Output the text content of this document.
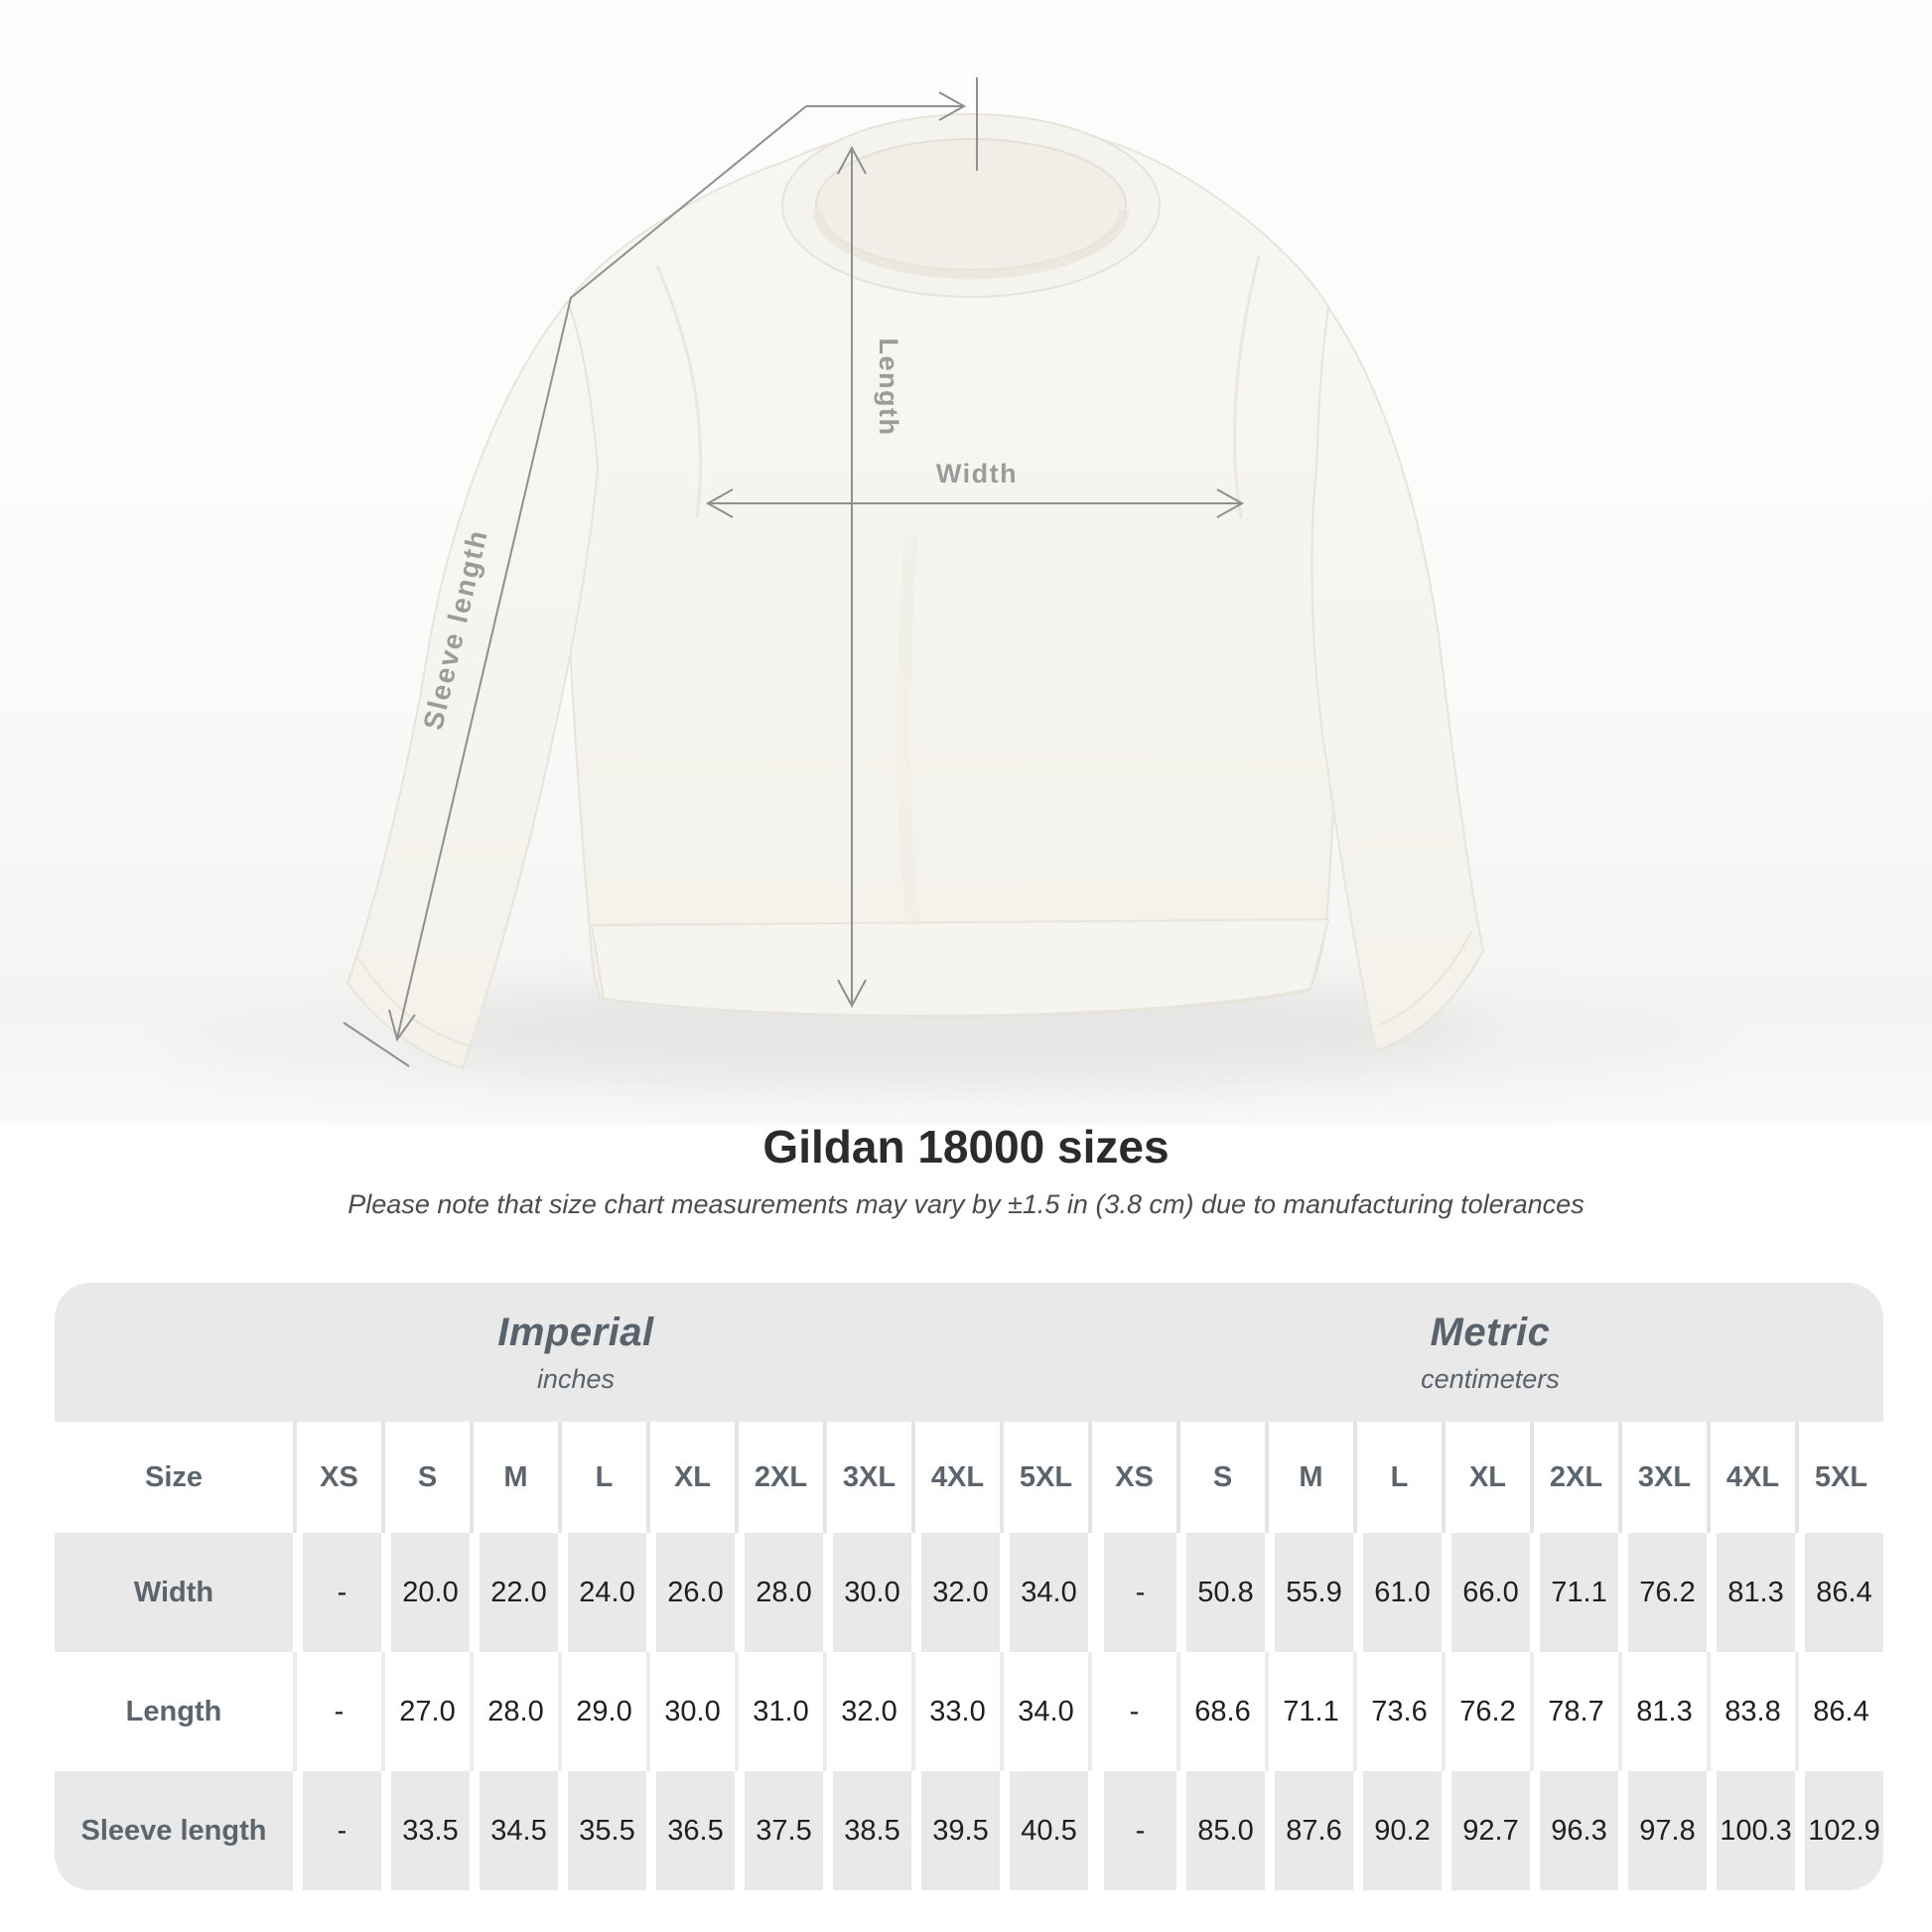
Width
Length
Sleeve length
Gildan 18000 sizes

Please note that size chart measurements may vary by ±1.5 in (3.8 cm) due to manufacturing tolerances

Imperial
inches
Metric
centimeters
Size	XS	S	M	L	XL	2XL	3XL	4XL	5XL	XS	S	M	L	XL	2XL	3XL	4XL	5XL
Width	-	20.0	22.0	24.0	26.0	28.0	30.0	32.0	34.0	-	50.8	55.9	61.0	66.0	71.1	76.2	81.3	86.4
Length	-	27.0	28.0	29.0	30.0	31.0	32.0	33.0	34.0	-	68.6	71.1	73.6	76.2	78.7	81.3	83.8	86.4
Sleeve length	-	33.5	34.5	35.5	36.5	37.5	38.5	39.5	40.5	-	85.0	87.6	90.2	92.7	96.3	97.8 100.3 102.9
